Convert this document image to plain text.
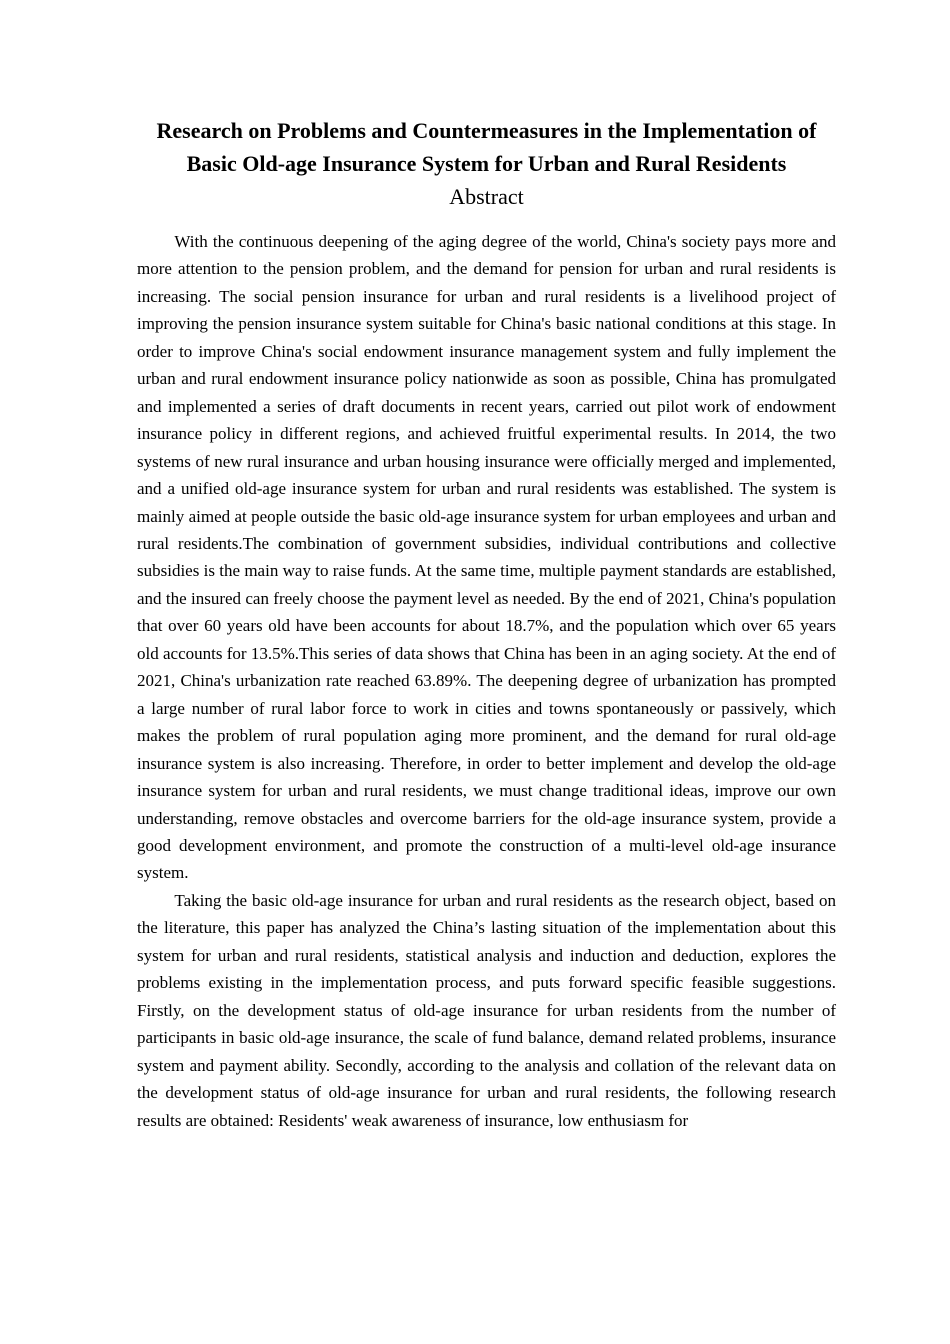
Research on Problems and Countermeasures in the Implementation of
Basic Old-age Insurance System for Urban and Rural Residents
Abstract

With the continuous deepening of the aging degree of the world, China's society pays more and more attention to the pension problem, and the demand for pension for urban and rural residents is increasing. The social pension insurance for urban and rural residents is a livelihood project of improving the pension insurance system suitable for China's basic national conditions at this stage. In order to improve China's social endowment insurance management system and fully implement the urban and rural endowment insurance policy nationwide as soon as possible, China has promulgated and implemented a series of draft documents in recent years, carried out pilot work of endowment insurance policy in different regions, and achieved fruitful experimental results. In 2014, the two systems of new rural insurance and urban housing insurance were officially merged and implemented, and a unified old-age insurance system for urban and rural residents was established. The system is mainly aimed at people outside the basic old-age insurance system for urban employees and urban and rural residents.The combination of government subsidies, individual contributions and collective subsidies is the main way to raise funds. At the same time, multiple payment standards are established, and the insured can freely choose the payment level as needed. By the end of 2021, China's population that over 60 years old have been accounts for about 18.7%, and the population which over 65 years old accounts for 13.5%.This series of data shows that China has been in an aging society. At the end of 2021, China's urbanization rate reached 63.89%. The deepening degree of urbanization has prompted a large number of rural labor force to work in cities and towns spontaneously or passively, which makes the problem of rural population aging more prominent, and the demand for rural old-age insurance system is also increasing. Therefore, in order to better implement and develop the old-age insurance system for urban and rural residents, we must change traditional ideas, improve our own understanding, remove obstacles and overcome barriers for the old-age insurance system, provide a good development environment, and promote the construction of a multi-level old-age insurance system.

Taking the basic old-age insurance for urban and rural residents as the research object, based on the literature, this paper has analyzed the China’s lasting situation of the implementation about this system for urban and rural residents, statistical analysis and induction and deduction, explores the problems existing in the implementation process, and puts forward specific feasible suggestions. Firstly, on the development status of old-age insurance for urban residents from the number of participants in basic old-age insurance, the scale of fund balance, demand related problems, insurance system and payment ability. Secondly, according to the analysis and collation of the relevant data on the development status of old-age insurance for urban and rural residents, the following research results are obtained: Residents' weak awareness of insurance, low enthusiasm for
